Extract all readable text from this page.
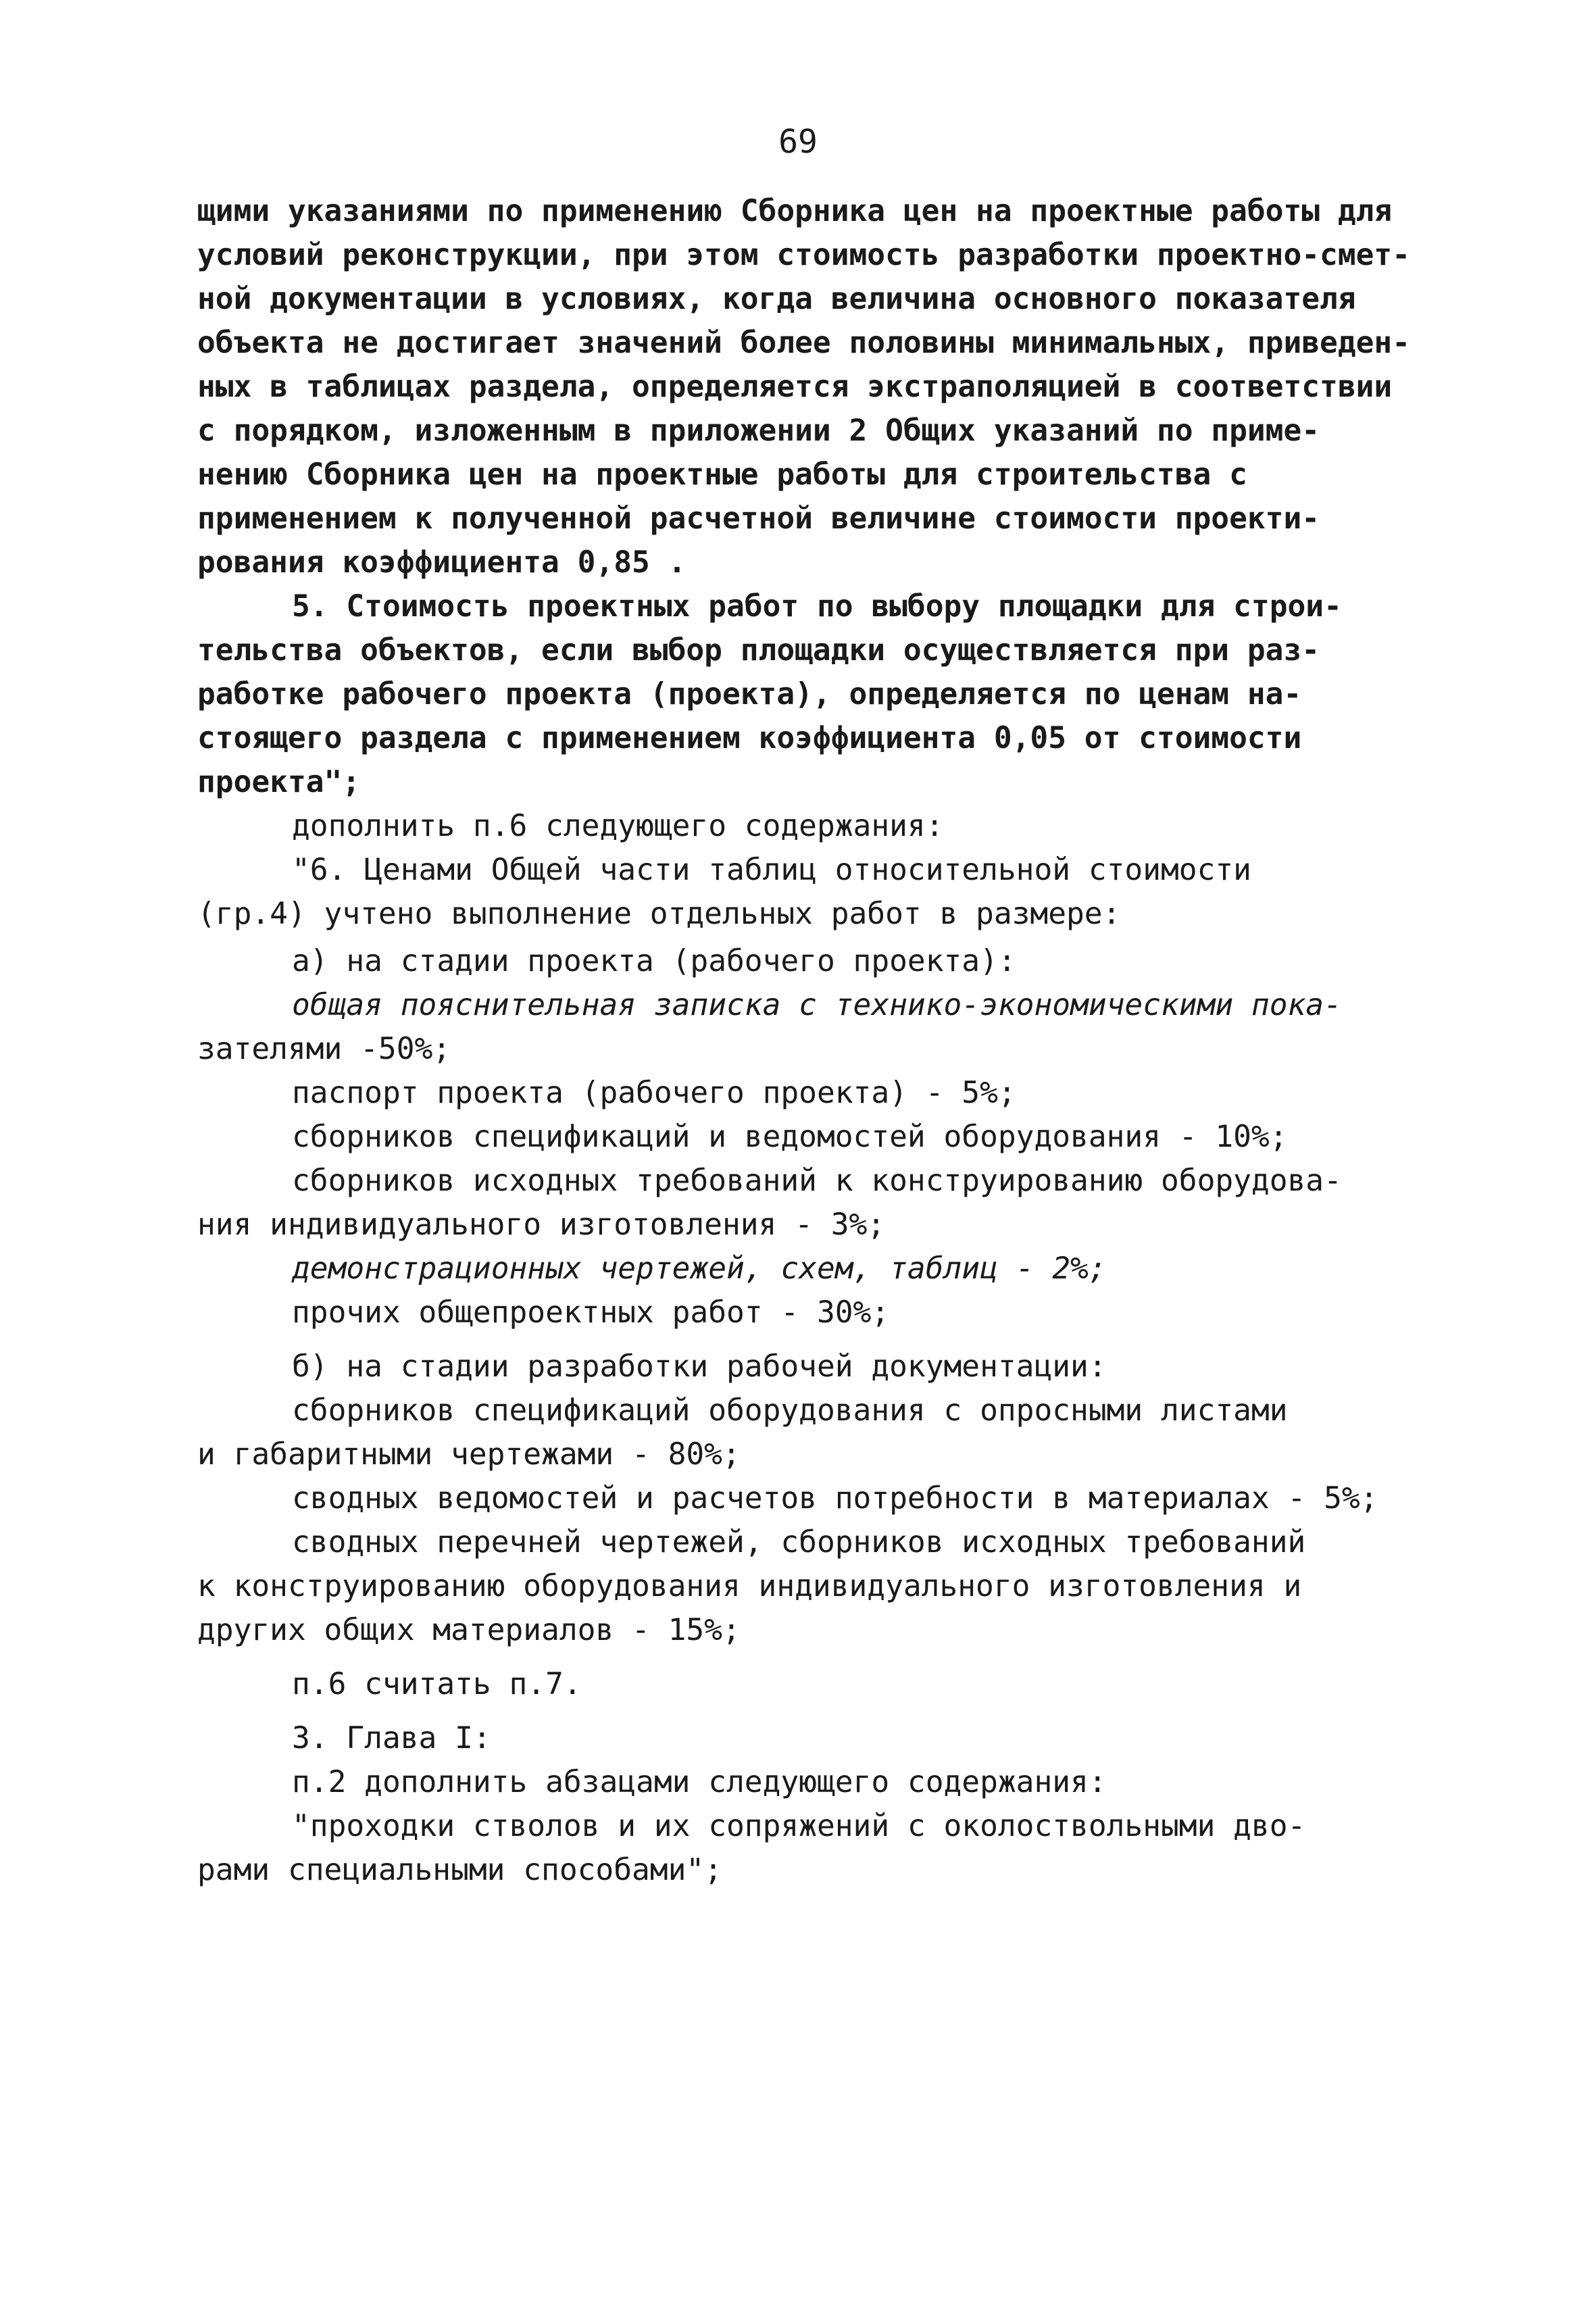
69

щими указаниями по применению Сборника цен на проектные работы для

условий реконструкции, при этом стоимость разработки проектно-смет-

ной документации в условиях, когда величина основного показателя

объекта не достигает значений более половины минимальных, приведен-

ных в таблицах раздела, определяется экстраполяцией в соответствии

с порядком, изложенным в приложении 2 Общих указаний по приме-

нению Сборника цен на проектные работы для строительства с

применением к полученной расчетной величине стоимости проекти-

рования коэффициента 0,85 .

5. Стоимость проектных работ по выбору площадки для строи-

тельства объектов, если выбор площадки осуществляется при раз-

работке рабочего проекта (проекта), определяется по ценам на-

стоящего раздела с применением коэффициента 0,05 от стоимости

проекта";

дополнить п.6 следующего содержания:

"6. Ценами Общей части таблиц относительной стоимости

(гр.4) учтено выполнение отдельных работ в размере:

а) на стадии проекта (рабочего проекта):

общая пояснительная записка с технико-экономическими пока-

зателями -50%;

паспорт проекта (рабочего проекта) - 5%;

сборников спецификаций и ведомостей оборудования - 10%;

сборников исходных требований к конструированию оборудова-

ния индивидуального изготовления - 3%;

демонстрационных чертежей, схем, таблиц - 2%;

прочих общепроектных работ - 30%;

б) на стадии разработки рабочей документации:

сборников спецификаций оборудования с опросными листами

и габаритными чертежами - 80%;

сводных ведомостей и расчетов потребности в материалах - 5%;

сводных перечней чертежей, сборников исходных требований

к конструированию оборудования индивидуального изготовления и

других общих материалов - 15%;

п.6 считать п.7.

3. Глава I:

п.2 дополнить абзацами следующего содержания:

"проходки стволов и их сопряжений с околоствольными дво-

рами специальными способами";
